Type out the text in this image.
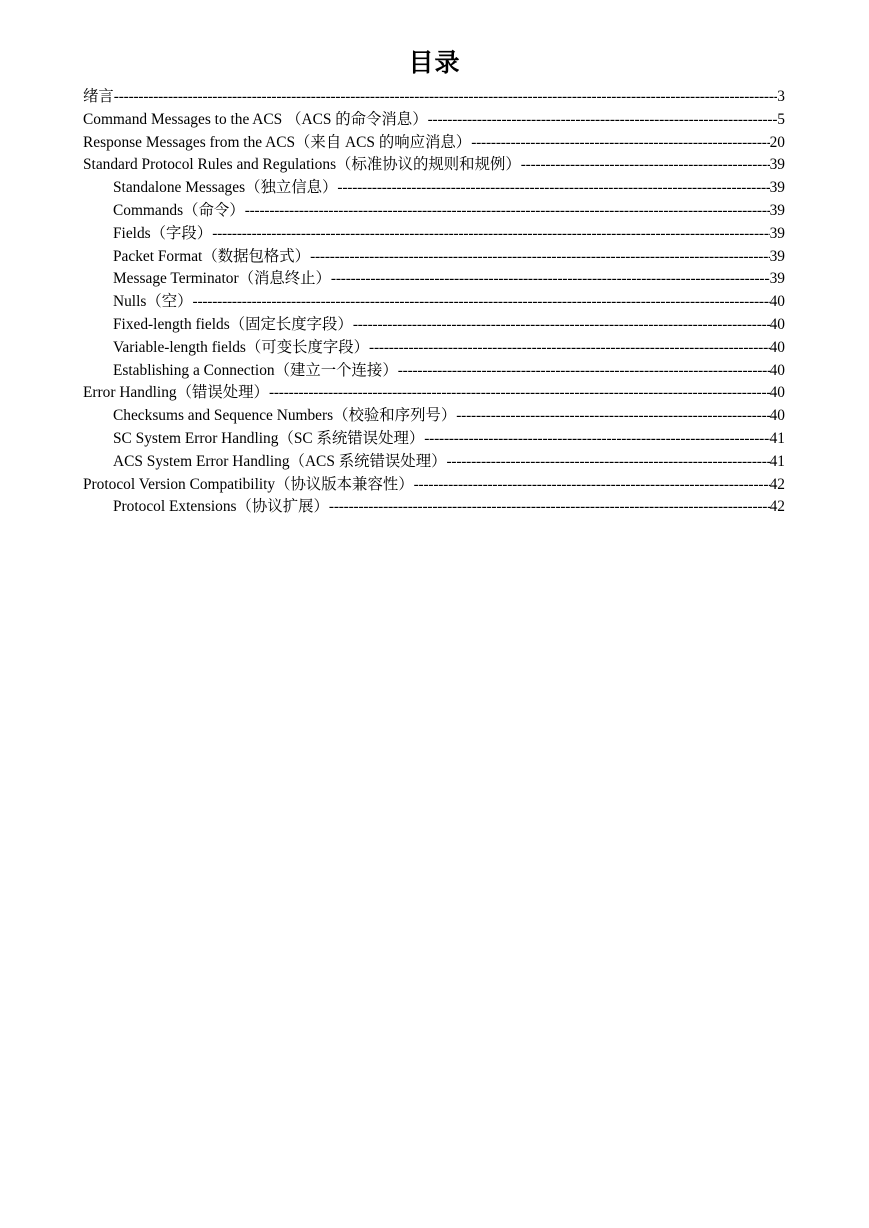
目录
绪言 -----	3
Command Messages to the ACS （ACS 的命令消息） -----	5
Response Messages from the ACS（来自 ACS 的响应消息） -----	20
Standard Protocol Rules and Regulations（标准协议的规则和规例） -----	39
Standalone Messages（独立信息） -----	39
Commands（命令） -----	39
Fields（字段） -----	39
Packet Format（数据包格式） -----	39
Message Terminator（消息终止） -----	39
Nulls（空） -----	40
Fixed-length fields（固定长度字段） -----	40
Variable-length fields（可变长度字段） -----	40
Establishing a Connection（建立一个连接） -----	40
Error Handling（错误处理） -----	40
Checksums and Sequence Numbers（校验和序列号） -----	40
SC System Error Handling（SC 系统错误处理） -----	41
ACS System Error Handling（ACS 系统错误处理） -----	41
Protocol Version Compatibility（协议版本兼容性） -----	42
Protocol Extensions（协议扩展） -----	42
